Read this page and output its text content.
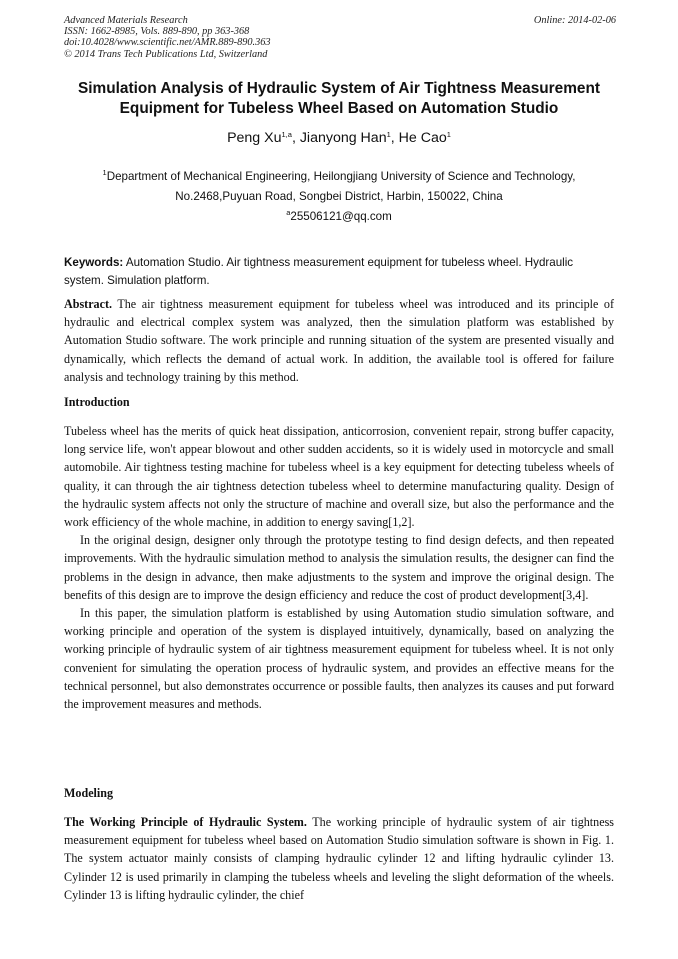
Advanced Materials Research
ISSN: 1662-8985, Vols. 889-890, pp 363-368
doi:10.4028/www.scientific.net/AMR.889-890.363
© 2014 Trans Tech Publications Ltd, Switzerland
Online: 2014-02-06
Simulation Analysis of Hydraulic System of Air Tightness Measurement Equipment for Tubeless Wheel Based on Automation Studio
Peng Xu$^{1,a}$, Jianyong Han$^1$, He Cao$^1$
$^1$Department of Mechanical Engineering, Heilongjiang University of Science and Technology,
No.2468,Puyuan Road, Songbei District, Harbin, 150022, China
$^a$25506121@qq.com
Keywords: Automation Studio. Air tightness measurement equipment for tubeless wheel. Hydraulic system. Simulation platform.
Abstract. The air tightness measurement equipment for tubeless wheel was introduced and its principle of hydraulic and electrical complex system was analyzed, then the simulation platform was established by Automation Studio software. The work principle and running situation of the system are presented visually and dynamically, which reflects the demand of actual work. In addition, the available tool is offered for failure analysis and technology training by this method.
Introduction

Tubeless wheel has the merits of quick heat dissipation, anticorrosion, convenient repair, strong buffer capacity, long service life, won't appear blowout and other sudden accidents, so it is widely used in motorcycle and small automobile. Air tightness testing machine for tubeless wheel is a key equipment for detecting tubeless wheels of quality, it can through the air tightness detection tubeless wheel to determine manufacturing quality. Design of the hydraulic system affects not only the structure of machine and overall size, but also the performance and the work efficiency of the whole machine, in addition to energy saving[1,2].

In the original design, designer only through the prototype testing to find design defects, and then repeated improvements. With the hydraulic simulation method to analysis the simulation results, the designer can find the problems in the design in advance, then make adjustments to the system and improve the original design. The benefits of this design are to improve the design efficiency and reduce the cost of product development[3,4].

In this paper, the simulation platform is established by using Automation studio simulation software, and working principle and operation of the system is displayed intuitively, dynamically, based on analyzing the working principle of hydraulic system of air tightness measurement equipment for tubeless wheel. It is not only convenient for simulating the operation process of hydraulic system, and provides an effective means for the technical personnel, but also demonstrates occurrence or possible faults, then analyzes its causes and put forward the improvement measures and methods.

Modeling
The Working Principle of Hydraulic System. The working principle of hydraulic system of air tightness measurement equipment for tubeless wheel based on Automation Studio simulation software is shown in Fig. 1. The system actuator mainly consists of clamping hydraulic cylinder 12 and lifting hydraulic cylinder 13. Cylinder 12 is used primarily in clamping the tubeless wheels and leveling the slight deformation of the wheels. Cylinder 13 is lifting hydraulic cylinder, the chief
